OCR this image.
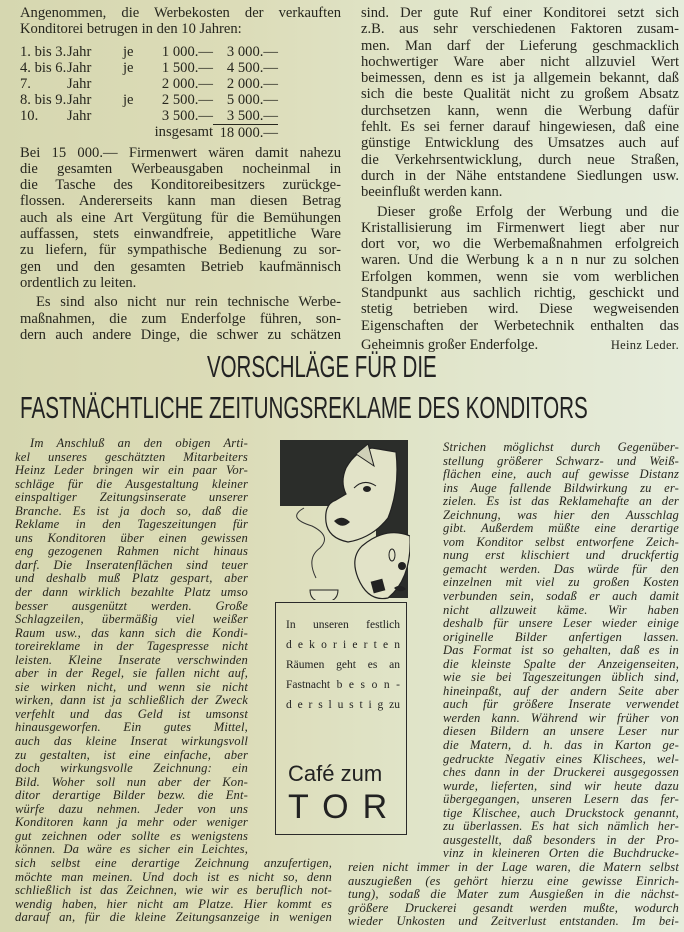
Angenommen, die Werbekosten der verkauften
Konditorei betrugen in den 10 Jahren:
1. bis 3. Jahr	je	1 000.— 3 000.—
4. bis 6. Jahr	je	1 500.— 4 500.—
7.	Jahr	2 000.— 2 000.—
8. bis 9. Jahr	je	2 500.— 5 000.—
10.	Jahr	3 500.— 3 500.—
insgesamt 18 000.—
Bei 15 000.— Firmenwert wären damit nahezu
die gesamten Werbeausgaben nocheinmal in
die Tasche des Konditoreibesitzers zurückge-
flossen. Andererseits kann man diesen Betrag
auch als eine Art Vergütung für die Bemühungen
auffassen, stets einwandfreie, appetitliche Ware
zu liefern, für sympathische Bedienung zu sor-
gen und den gesamten Betrieb kaufmännisch
ordentlich zu leiten.
Es sind also nicht nur rein technische Werbe-
maßnahmen, die zum Enderfolge führen, son-
dern auch andere Dinge, die schwer zu schätzen
sind. Der gute Ruf einer Konditorei setzt sich
z.B. aus sehr verschiedenen Faktoren zusam-
men. Man darf der Lieferung geschmacklich
hochwertiger Ware aber nicht allzuviel Wert
beimessen, denn es ist ja allgemein bekannt, daß
sich die beste Qualität nicht zu großem Absatz
durchsetzen kann, wenn die Werbung dafür
fehlt. Es sei ferner darauf hingewiesen, daß eine
günstige Entwicklung des Umsatzes auch auf
die Verkehrsentwicklung, durch neue Straßen,
durch in der Nähe entstandene Siedlungen usw.
beeinflußt werden kann.
Dieser große Erfolg der Werbung und die
Kristallisierung im Firmenwert liegt aber nur
dort vor, wo die Werbemaßnahmen erfolgreich
waren. Und die Werbung k a n n nur zu solchen
Erfolgen kommen, wenn sie vom werblichen
Standpunkt aus sachlich richtig, geschickt und
stetig betrieben wird. Diese wegweisenden
Eigenschaften der Werbetechnik enthalten das
Geheimnis großer Enderfolge.	Heinz Leder.
VORSCHLÄGE FÜR DIE
FASTNÄCHTLICHE ZEITUNGSREKLAME DES KONDITORS
Im Anschluß an den obigen Arti-
kel unseres geschätzten Mitarbeiters
Heinz Leder bringen wir ein paar Vor-
schläge für die Ausgestaltung kleiner
einspaltiger Zeitungsinserate unserer
Branche. Es ist ja doch so, daß die
Reklame in den Tageszeitungen für
uns Konditoren über einen gewissen
eng gezogenen Rahmen nicht hinaus
darf. Die Inseratenflächen sind teuer
und deshalb muß Platz gespart, aber
der dann wirklich bezahlte Platz umso
besser ausgenützt werden. Große
Schlagzeilen, übermäßig viel weißer
Raum usw., das kann sich die Kondi-
toreireklame in der Tagespresse nicht
leisten. Kleine Inserate verschwinden
aber in der Regel, sie fallen nicht auf,
sie wirken nicht, und wenn sie nicht
wirken, dann ist ja schließlich der Zweck
verfehlt und das Geld ist umsonst
hinausgeworfen. Ein gutes Mittel,
auch das kleine Inserat wirkungsvoll
zu gestalten, ist eine einfache, aber
doch wirkungsvolle Zeichnung: ein
Bild. Woher soll nun aber der Kon-
ditor derartige Bilder bezw. die Ent-
würfe dazu nehmen. Jeder von uns
Konditoren kann ja mehr oder weniger
gut zeichnen oder sollte es wenigstens
können. Da wäre es sicher ein Leichtes,
sich selbst eine derartige Zeichnung anzufertigen,
möchte man meinen. Und doch ist es nicht so, denn
schließlich ist das Zeichnen, wie wir es beruflich not-
wendig haben, hier nicht am Platze. Hier kommt es
darauf an, für die kleine Zeitungsanzeige in wenigen
Strichen möglichst durch Gegenüber-
stellung größerer Schwarz- und Weiß-
flächen eine, auch auf gewisse Distanz
ins Auge fallende Bildwirkung zu er-
zielen. Es ist das Reklamehafte an der
Zeichnung, was hier den Ausschlag
gibt. Außerdem müßte eine derartige
vom Konditor selbst entworfene Zeich-
nung erst klischiert und druckfertig
gemacht werden. Das würde für den
einzelnen mit viel zu großen Kosten
verbunden sein, sodaß er auch damit
nicht allzuweit käme. Wir haben
deshalb für unsere Leser wieder einige
originelle Bilder anfertigen lassen.
Das Format ist so gehalten, daß es in
die kleinste Spalte der Anzeigenseiten,
wie sie bei Tageszeitungen üblich sind,
hineinpaßt, auf der andern Seite aber
auch für größere Inserate verwendet
werden kann. Während wir früher von
diesen Bildern an unsere Leser nur
die Matern, d. h. das in Karton ge-
gedruckte Negativ eines Klischees, wel-
ches dann in der Druckerei ausgegossen
wurde, lieferten, sind wir heute dazu
übergegangen, unseren Lesern das fer-
tige Klischee, auch Druckstock genannt,
zu überlassen. Es hat sich nämlich her-
ausgestellt, daß besonders in der Pro-
vinz in kleineren Orten die Buchdrucke-
reien nicht immer in der Lage waren, die Matern selbst
auszugießen (es gehört hierzu eine gewisse Einrich-
tung), sodaß die Mater zum Ausgießen in die nächst-
größere Druckerei gesandt werden mußte, wodurch
wieder Unkosten und Zeitverlust entstanden. Im bei-
In unseren festlich
d e k o r i e r t e n
Räumen geht es an
Fastnacht b e s o n -
d e r s l u s t i g zu
Café zum
TOR
